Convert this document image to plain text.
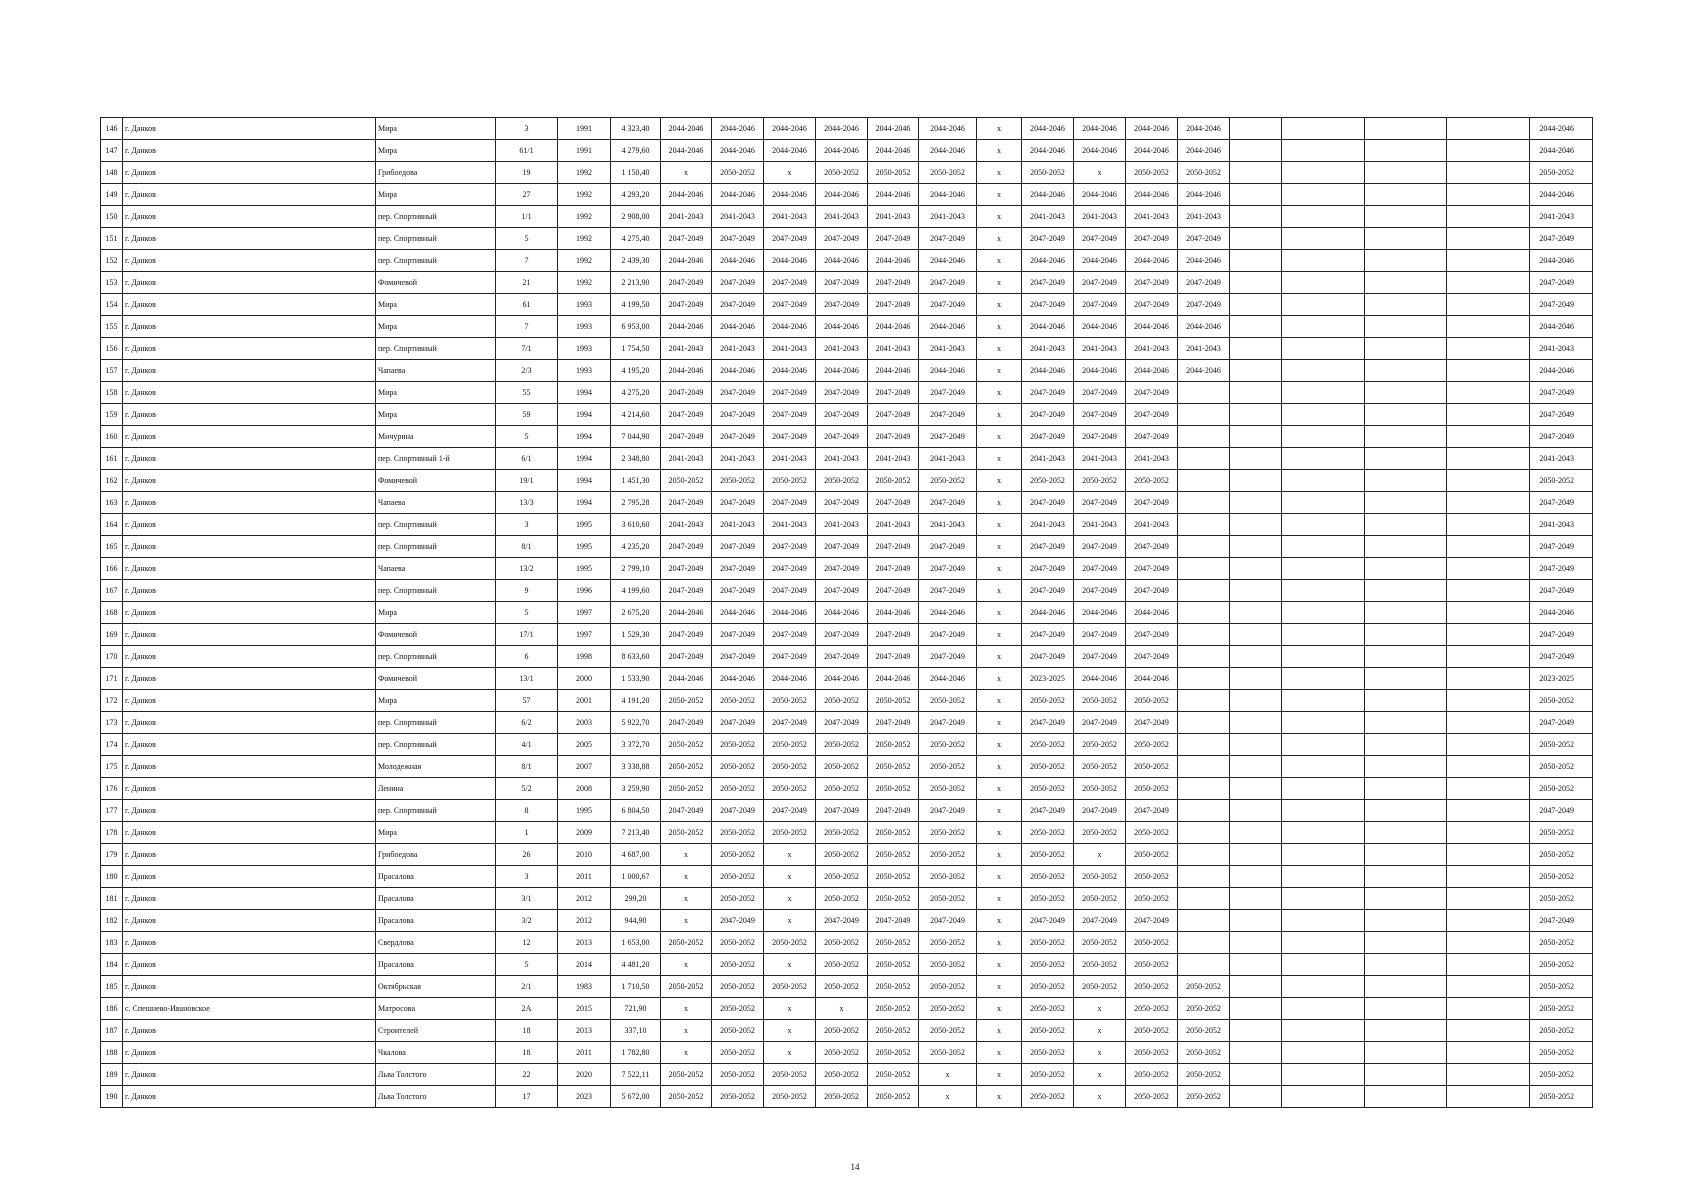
146	г. Данков	Мира	3	1991	4 323,40	2044-2046	2044-2046	2044-2046	2044-2046	2044-2046	2044-2046	x	2044-2046	2044-2046	2044-2046	2044-2046					2044-2046
147	г. Данков	Мира	61/1	1991	4 279,60	2044-2046	2044-2046	2044-2046	2044-2046	2044-2046	2044-2046	x	2044-2046	2044-2046	2044-2046	2044-2046					2044-2046
148	г. Данков	Грибоедова	19	1992	1 150,40	x	2050-2052	x	2050-2052	2050-2052	2050-2052	x	2050-2052	x	2050-2052	2050-2052					2050-2052
149	г. Данков	Мира	27	1992	4 293,20	2044-2046	2044-2046	2044-2046	2044-2046	2044-2046	2044-2046	x	2044-2046	2044-2046	2044-2046	2044-2046					2044-2046
150	г. Данков	пер. Спортивный	1/1	1992	2 908,00	2041-2043	2041-2043	2041-2043	2041-2043	2041-2043	2041-2043	x	2041-2043	2041-2043	2041-2043	2041-2043					2041-2043
151	г. Данков	пер. Спортивный	5	1992	4 275,40	2047-2049	2047-2049	2047-2049	2047-2049	2047-2049	2047-2049	x	2047-2049	2047-2049	2047-2049	2047-2049					2047-2049
152	г. Данков	пер. Спортивный	7	1992	2 439,30	2044-2046	2044-2046	2044-2046	2044-2046	2044-2046	2044-2046	x	2044-2046	2044-2046	2044-2046	2044-2046					2044-2046
153	г. Данков	Фомичевой	21	1992	2 213,90	2047-2049	2047-2049	2047-2049	2047-2049	2047-2049	2047-2049	x	2047-2049	2047-2049	2047-2049	2047-2049					2047-2049
154	г. Данков	Мира	61	1993	4 199,50	2047-2049	2047-2049	2047-2049	2047-2049	2047-2049	2047-2049	x	2047-2049	2047-2049	2047-2049	2047-2049					2047-2049
155	г. Данков	Мира	7	1993	6 953,00	2044-2046	2044-2046	2044-2046	2044-2046	2044-2046	2044-2046	x	2044-2046	2044-2046	2044-2046	2044-2046					2044-2046
156	г. Данков	пер. Спортивный	7/1	1993	1 754,50	2041-2043	2041-2043	2041-2043	2041-2043	2041-2043	2041-2043	x	2041-2043	2041-2043	2041-2043	2041-2043					2041-2043
157	г. Данков	Чапаева	2/3	1993	4 195,20	2044-2046	2044-2046	2044-2046	2044-2046	2044-2046	2044-2046	x	2044-2046	2044-2046	2044-2046	2044-2046					2044-2046
158	г. Данков	Мира	55	1994	4 275,20	2047-2049	2047-2049	2047-2049	2047-2049	2047-2049	2047-2049	x	2047-2049	2047-2049	2047-2049						2047-2049
159	г. Данков	Мира	59	1994	4 214,60	2047-2049	2047-2049	2047-2049	2047-2049	2047-2049	2047-2049	x	2047-2049	2047-2049	2047-2049						2047-2049
160	г. Данков	Мичурина	5	1994	7 044,90	2047-2049	2047-2049	2047-2049	2047-2049	2047-2049	2047-2049	x	2047-2049	2047-2049	2047-2049						2047-2049
161	г. Данков	пер. Спортивный 1-й	6/1	1994	2 348,80	2041-2043	2041-2043	2041-2043	2041-2043	2041-2043	2041-2043	x	2041-2043	2041-2043	2041-2043						2041-2043
162	г. Данков	Фомичевой	19/1	1994	1 451,30	2050-2052	2050-2052	2050-2052	2050-2052	2050-2052	2050-2052	x	2050-2052	2050-2052	2050-2052						2050-2052
163	г. Данков	Чапаева	13/3	1994	2 795,28	2047-2049	2047-2049	2047-2049	2047-2049	2047-2049	2047-2049	x	2047-2049	2047-2049	2047-2049						2047-2049
164	г. Данков	пер. Спортивный	3	1995	3 610,60	2041-2043	2041-2043	2041-2043	2041-2043	2041-2043	2041-2043	x	2041-2043	2041-2043	2041-2043						2041-2043
165	г. Данков	пер. Спортивный	8/1	1995	4 235,20	2047-2049	2047-2049	2047-2049	2047-2049	2047-2049	2047-2049	x	2047-2049	2047-2049	2047-2049						2047-2049
166	г. Данков	Чапаева	13/2	1995	2 799,10	2047-2049	2047-2049	2047-2049	2047-2049	2047-2049	2047-2049	x	2047-2049	2047-2049	2047-2049						2047-2049
167	г. Данков	пер. Спортивный	9	1996	4 199,60	2047-2049	2047-2049	2047-2049	2047-2049	2047-2049	2047-2049	x	2047-2049	2047-2049	2047-2049						2047-2049
168	г. Данков	Мира	5	1997	2 675,20	2044-2046	2044-2046	2044-2046	2044-2046	2044-2046	2044-2046	x	2044-2046	2044-2046	2044-2046						2044-2046
169	г. Данков	Фомичевой	17/1	1997	1 529,30	2047-2049	2047-2049	2047-2049	2047-2049	2047-2049	2047-2049	x	2047-2049	2047-2049	2047-2049						2047-2049
170	г. Данков	пер. Спортивный	6	1998	8 633,60	2047-2049	2047-2049	2047-2049	2047-2049	2047-2049	2047-2049	x	2047-2049	2047-2049	2047-2049						2047-2049
171	г. Данков	Фомичевой	13/1	2000	1 533,90	2044-2046	2044-2046	2044-2046	2044-2046	2044-2046	2044-2046	x	2023-2025	2044-2046	2044-2046						2023-2025
172	г. Данков	Мира	57	2001	4 191,20	2050-2052	2050-2052	2050-2052	2050-2052	2050-2052	2050-2052	x	2050-2052	2050-2052	2050-2052						2050-2052
173	г. Данков	пер. Спортивный	6/2	2003	5 922,70	2047-2049	2047-2049	2047-2049	2047-2049	2047-2049	2047-2049	x	2047-2049	2047-2049	2047-2049						2047-2049
174	г. Данков	пер. Спортивный	4/1	2005	3 372,70	2050-2052	2050-2052	2050-2052	2050-2052	2050-2052	2050-2052	x	2050-2052	2050-2052	2050-2052						2050-2052
175	г. Данков	Молодежная	8/1	2007	3 338,88	2050-2052	2050-2052	2050-2052	2050-2052	2050-2052	2050-2052	x	2050-2052	2050-2052	2050-2052						2050-2052
176	г. Данков	Ленина	5/2	2008	3 259,90	2050-2052	2050-2052	2050-2052	2050-2052	2050-2052	2050-2052	x	2050-2052	2050-2052	2050-2052						2050-2052
177	г. Данков	пер. Спортивный	8	1995	6 804,50	2047-2049	2047-2049	2047-2049	2047-2049	2047-2049	2047-2049	x	2047-2049	2047-2049	2047-2049						2047-2049
178	г. Данков	Мира	1	2009	7 213,40	2050-2052	2050-2052	2050-2052	2050-2052	2050-2052	2050-2052	x	2050-2052	2050-2052	2050-2052						2050-2052
179	г. Данков	Грибоедова	26	2010	4 687,00	x	2050-2052	x	2050-2052	2050-2052	2050-2052	x	2050-2052	x	2050-2052						2050-2052
180	г. Данков	Прасалова	3	2011	1 000,67	x	2050-2052	x	2050-2052	2050-2052	2050-2052	x	2050-2052	2050-2052	2050-2052						2050-2052
181	г. Данков	Прасалова	3/1	2012	299,20	x	2050-2052	x	2050-2052	2050-2052	2050-2052	x	2050-2052	2050-2052	2050-2052						2050-2052
182	г. Данков	Прасалова	3/2	2012	944,90	x	2047-2049	x	2047-2049	2047-2049	2047-2049	x	2047-2049	2047-2049	2047-2049						2047-2049
183	г. Данков	Свердлова	12	2013	1 653,00	2050-2052	2050-2052	2050-2052	2050-2052	2050-2052	2050-2052	x	2050-2052	2050-2052	2050-2052						2050-2052
184	г. Данков	Прасалова	5	2014	4 481,20	x	2050-2052	x	2050-2052	2050-2052	2050-2052	x	2050-2052	2050-2052	2050-2052						2050-2052
185	г. Данков	Октябрьская	2/1	1983	1 710,50	2050-2052	2050-2052	2050-2052	2050-2052	2050-2052	2050-2052	x	2050-2052	2050-2052	2050-2052	2050-2052					2050-2052
186	с. Спешнево-Ивановское	Матросова	2А	2015	721,90	x	2050-2052	x	x	2050-2052	2050-2052	x	2050-2052	x	2050-2052	2050-2052					2050-2052
187	г. Данков	Строителей	18	2013	337,10	x	2050-2052	x	2050-2052	2050-2052	2050-2052	x	2050-2052	x	2050-2052	2050-2052					2050-2052
188	г. Данков	Чкалова	18	2011	1 782,80	x	2050-2052	x	2050-2052	2050-2052	2050-2052	x	2050-2052	x	2050-2052	2050-2052					2050-2052
189	г. Данков	Льва Толстого	22	2020	7 522,11	2050-2052	2050-2052	2050-2052	2050-2052	2050-2052	x	x	2050-2052	x	2050-2052	2050-2052					2050-2052
190	г. Данков	Льва Толстого	17	2023	5 672,00	2050-2052	2050-2052	2050-2052	2050-2052	2050-2052	x	x	2050-2052	x	2050-2052	2050-2052					2050-2052
14
